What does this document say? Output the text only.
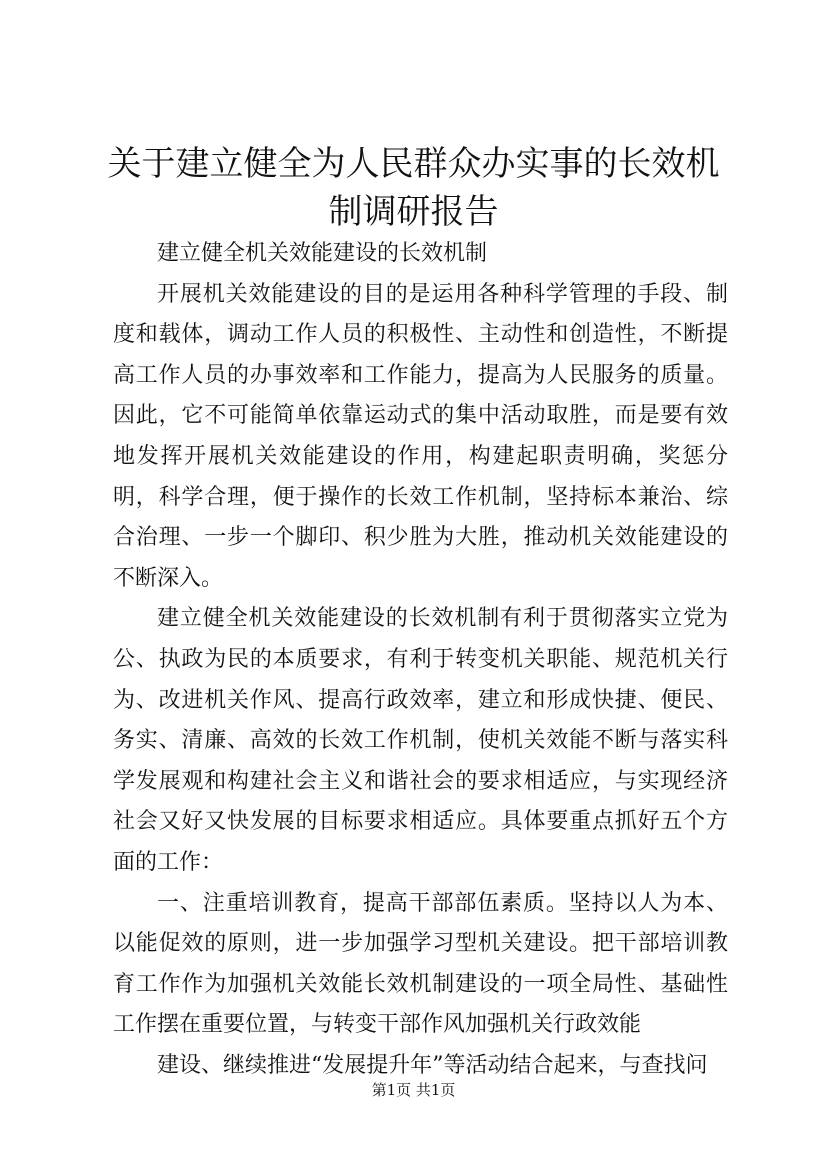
关于建立健全为人民群众办实事的长效机制调研报告

建立健全机关效能建设的长效机制

开展机关效能建设的目的是运用各种科学管理的手段、制度和载体，调动工作人员的积极性、主动性和创造性，不断提高工作人员的办事效率和工作能力，提高为人民服务的质量。因此，它不可能简单依靠运动式的集中活动取胜，而是要有效地发挥开展机关效能建设的作用，构建起职责明确，奖惩分明，科学合理，便于操作的长效工作机制，坚持标本兼治、综合治理、一步一个脚印、积少胜为大胜，推动机关效能建设的不断深入。

建立健全机关效能建设的长效机制有利于贯彻落实立党为公、执政为民的本质要求，有利于转变机关职能、规范机关行为、改进机关作风、提高行政效率，建立和形成快捷、便民、务实、清廉、高效的长效工作机制，使机关效能不断与落实科学发展观和构建社会主义和谐社会的要求相适应，与实现经济社会又好又快发展的目标要求相适应。具体要重点抓好五个方面的工作：

一、注重培训教育，提高干部部伍素质。坚持以人为本、以能促效的原则，进一步加强学习型机关建设。把干部培训教育工作作为加强机关效能长效机制建设的一项全局性、基础性工作摆在重要位置，与转变干部作风加强机关行政效能

建设、继续推进“发展提升年”等活动结合起来，与查找问

第1页 共1页
